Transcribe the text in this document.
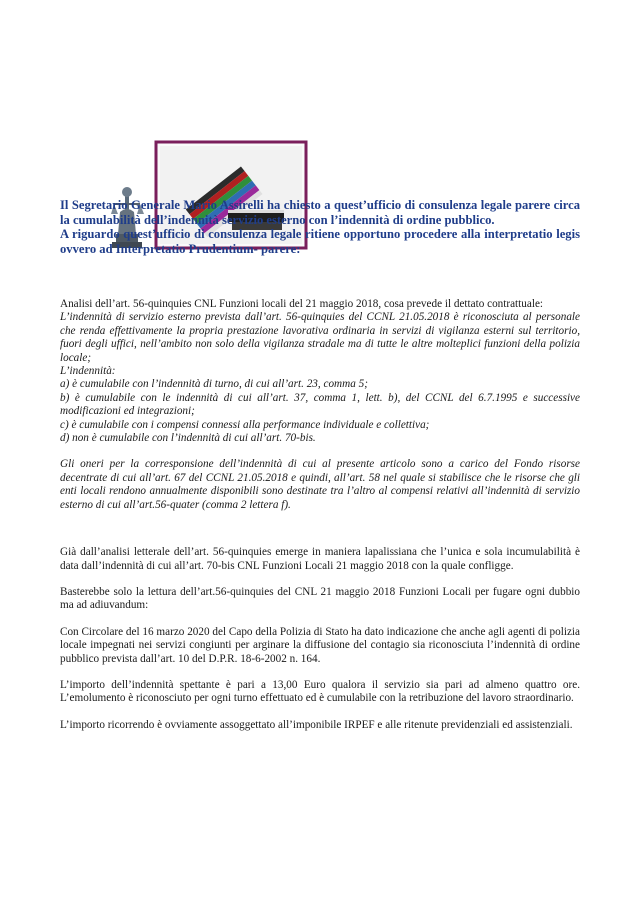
Il Segretario Generale Mario Assirelli ha chiesto a quest’ufficio di consulenza legale parere circa la cumulabilità dell’indennità servizio esterno con l’indennità di ordine pubblico.

A riguardo quest’ufficio di consulenza legale ritiene opportuno procedere alla interpretatio legis ovvero ad Interpretatio Prudentium- parere:

Analisi dell’art. 56-quinquies CNL Funzioni locali del 21 maggio 2018, cosa prevede il dettato contrattuale:

L’indennità di servizio esterno prevista dall’art. 56-quinquies del CCNL 21.05.2018 è riconosciuta al personale che renda effettivamente la propria prestazione lavorativa ordinaria in servizi di vigilanza esterni sul territorio, fuori degli uffici, nell’ambito non solo della vigilanza stradale ma di tutte le altre molteplici funzioni della polizia locale;

L’indennità:

a) è cumulabile con l’indennità di turno, di cui all’art. 23, comma 5;

b) è cumulabile con le indennità di cui all’art. 37, comma 1, lett. b), del CCNL del 6.7.1995 e successive modificazioni ed integrazioni;

c) è cumulabile con i compensi connessi alla performance individuale e collettiva;

d) non è cumulabile con l’indennità di cui all’art. 70-bis.

Gli oneri per la corresponsione dell’indennità di cui al presente articolo sono a carico del Fondo risorse decentrate di cui all’art. 67 del CCNL 21.05.2018 e quindi, all’art. 58 nel quale si stabilisce che le risorse che gli enti locali rendono annualmente disponibili sono destinate tra l’altro al compensi relativi all’indennità di servizio esterno di cui all’art.56-quater (comma 2 lettera f).

Già dall’analisi letterale dell’art. 56-quinquies emerge in maniera lapalissiana che l’unica e sola incumulabilità è data dall’indennità di cui all’art. 70-bis CNL Funzioni Locali 21 maggio 2018 con la quale confligge.

Basterebbe solo la lettura dell’art.56-quinquies del CNL 21 maggio 2018 Funzioni Locali per fugare ogni dubbio ma ad adiuvandum:

Con Circolare del 16 marzo 2020 del Capo della Polizia di Stato ha dato indicazione che anche agli agenti di polizia locale impegnati nei servizi congiunti per arginare la diffusione del contagio sia riconosciuta l’indennità di ordine pubblico prevista dall’art. 10 del D.P.R. 18-6-2002 n. 164.

L’importo dell’indennità spettante è pari a 13,00 Euro qualora il servizio sia pari ad almeno quattro ore. L’emolumento è riconosciuto per ogni turno effettuato ed è cumulabile con la retribuzione del lavoro straordinario.

L’importo ricorrendo è ovviamente assoggettato all’imponibile IRPEF e alle ritenute previdenziali ed assistenziali.
